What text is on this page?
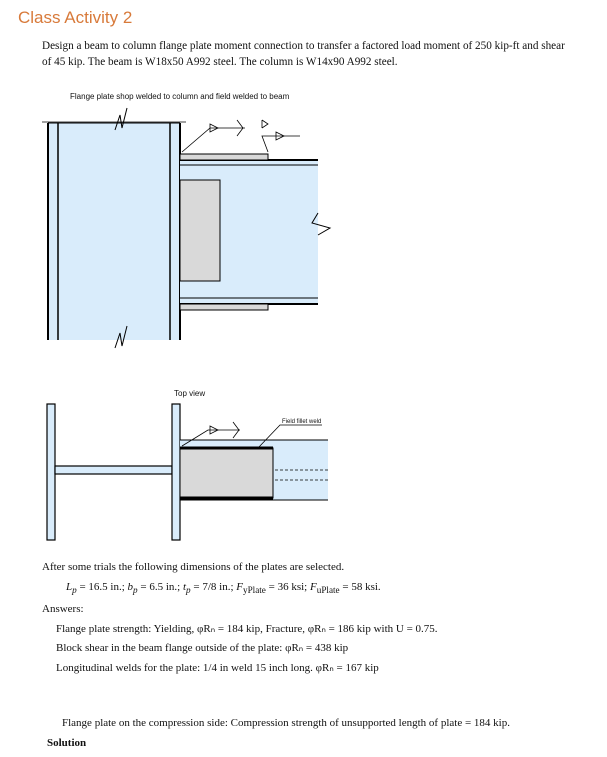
Class Activity 2

Design a beam to column flange plate moment connection to transfer a factored load moment of 250 kip-ft and shear of 45 kip. The beam is W18x50 A992 steel. The column is W14x90 A992 steel.

Flange plate shop welded to column and field welded to beam
Top view
Field fillet weld
After some trials the following dimensions of the plates are selected.
$L_p = 16.5$ in.; $b_p = 6.5$ in.; $t_p = 7/8$ in.; $F_{yPlate} = 36$ ksi; $F_{uPlate} = 58$ ksi.
Answers:
Flange plate strength: Yielding, φRₙ = 184 kip, Fracture, φRₙ = 186 kip with U = 0.75.
Block shear in the beam flange outside of the plate: φRₙ = 438 kip
Longitudinal welds for the plate: 1/4 in weld 15 inch long. φRₙ = 167 kip
Flange plate on the compression side: Compression strength of unsupported length of plate = 184 kip.
Solution
